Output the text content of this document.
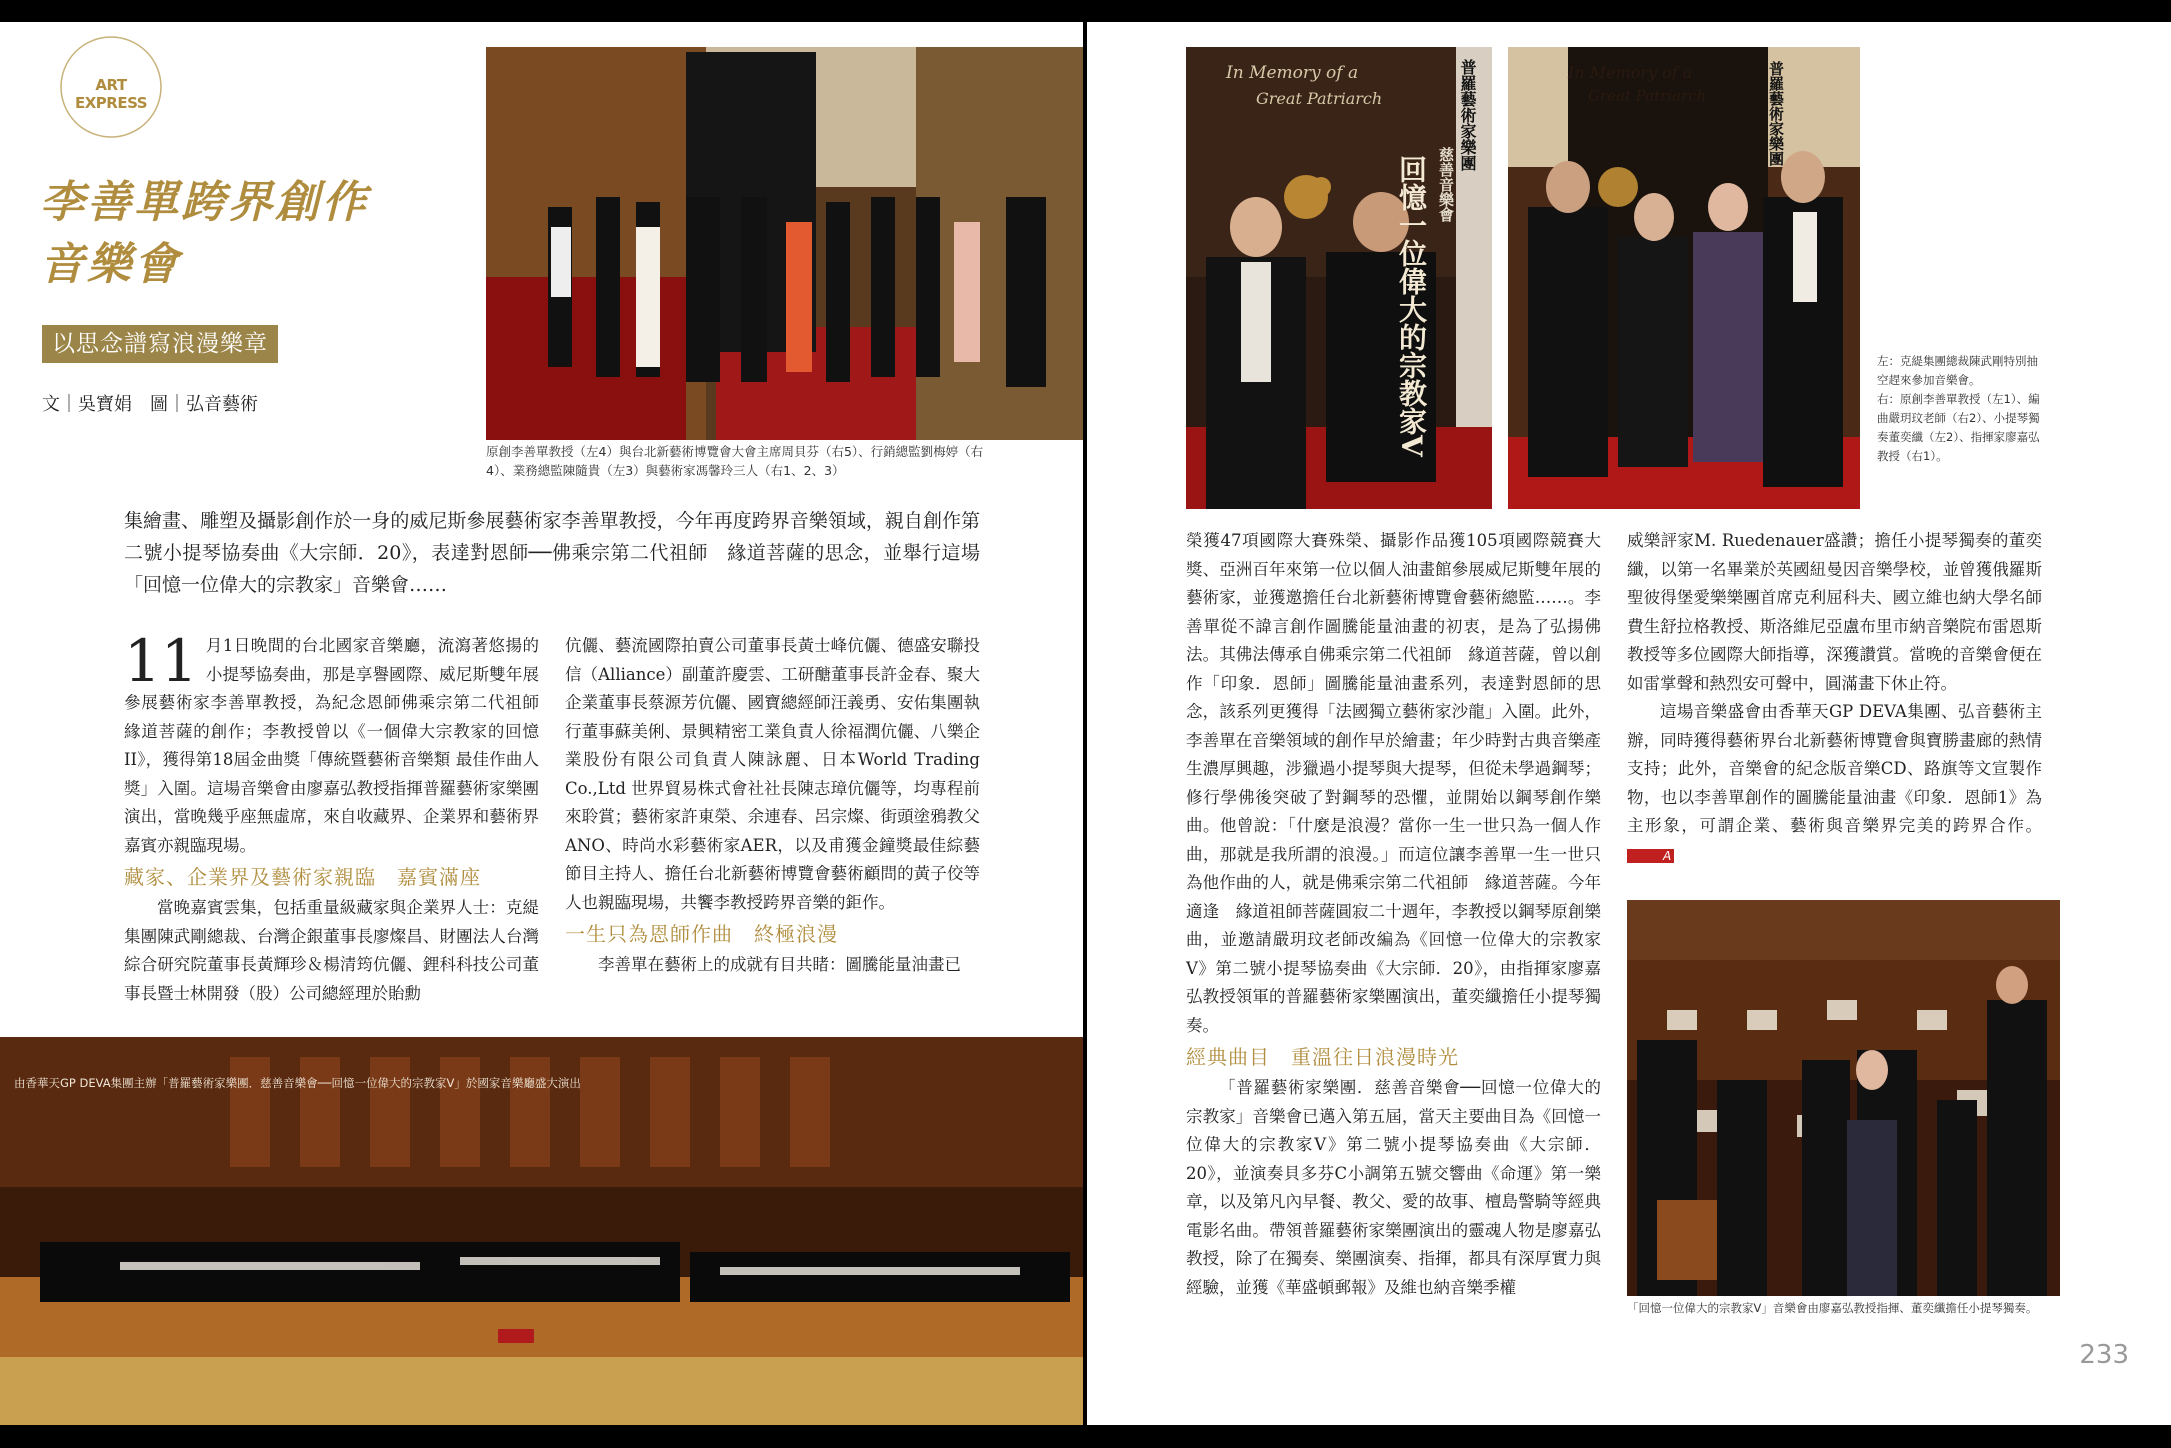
ART EXPRESS
李善單跨界創作
音樂會
以思念譜寫浪漫樂章
文｜吳寶娟　圖｜弘音藝術
原創李善單教授（左4）與台北新藝術博覽會大會主席周貝芬（右5）、行銷總監劉梅婷（右4）、業務總監陳隨貴（左3）與藝術家馮馨玲三人（右1、2、3）
集繪畫、雕塑及攝影創作於一身的威尼斯參展藝術家李善單教授，今年再度跨界音樂領域，親自創作第二號小提琴協奏曲《大宗師．20》，表達對恩師──佛乘宗第二代祖師　緣道菩薩的思念，並舉行這場「回憶一位偉大的宗教家」音樂會……

11 月1日晚間的台北國家音樂廳，流瀉著悠揚的小提琴協奏曲，那是享譽國際、威尼斯雙年展參展藝術家李善單教授，為紀念恩師佛乘宗第二代祖師　緣道菩薩的創作；李教授曾以《一個偉大宗教家的回憶II》，獲得第18屆金曲獎「傳統暨藝術音樂類 最佳作曲人獎」入圍。這場音樂會由廖嘉弘教授指揮普羅藝術家樂團演出，當晚幾乎座無虛席，來自收藏界、企業界和藝術界嘉賓亦親臨現場。

藏家、企業界及藝術家親臨　嘉賓滿座

當晚嘉賓雲集，包括重量級藏家與企業界人士：克緹集團陳武剛總裁、台灣企銀董事長廖燦昌、財團法人台灣綜合研究院董事長黃輝珍＆楊清筠伉儷、鋰科科技公司董事長暨士林開發（股）公司總經理於貽勳

伉儷、藝流國際拍賣公司董事長黃士峰伉儷、德盛安聯投信（Alliance）副董許慶雲、工研醣董事長許金春、聚大企業董事長蔡源芳伉儷、國寶總經師汪義勇、安佑集團執行董事蘇美俐、景興精密工業負責人徐福潤伉儷、八樂企業股份有限公司負責人陳詠麗、日本World Trading Co.,Ltd 世界貿易株式會社社長陳志璋伉儷等，均專程前來聆賞；藝術家許東榮、余連春、呂宗燦、街頭塗鴉教父ANO、時尚水彩藝術家AER，以及甫獲金鐘獎最佳綜藝節目主持人、擔任台北新藝術博覽會藝術顧問的黃子佼等人也親臨現場，共饗李教授跨界音樂的鉅作。

一生只為恩師作曲　終極浪漫

李善單在藝術上的成就有目共睹：圖騰能量油畫已

由香華天GP DEVA集團主辦「普羅藝術家樂團．慈善音樂會──回憶一位偉大的宗教家V」於國家音樂廳盛大演出
In Memory of a
Great Patriarch	普羅藝術家樂團
慈善音樂會
回憶一位偉大的宗教家V
In Memory of a
Great Patriarch	普羅藝術家樂團
左：克緹集團總裁陳武剛特別抽空趕來參加音樂會。
右：原創李善單教授（左1）、編曲嚴玥玟老師（右2）、小提琴獨奏董奕纖（左2）、指揮家廖嘉弘教授（右1）。

榮獲47項國際大賽殊榮、攝影作品獲105項國際競賽大獎、亞洲百年來第一位以個人油畫館參展威尼斯雙年展的藝術家，並獲邀擔任台北新藝術博覽會藝術總監……。李善單從不諱言創作圖騰能量油畫的初衷，是為了弘揚佛法。其佛法傳承自佛乘宗第二代祖師　緣道菩薩，曾以創作「印象．恩師」圖騰能量油畫系列，表達對恩師的思念，該系列更獲得「法國獨立藝術家沙龍」入圍。此外，李善單在音樂領域的創作早於繪畫；年少時對古典音樂產生濃厚興趣，涉獵過小提琴與大提琴，但從未學過鋼琴；修行學佛後突破了對鋼琴的恐懼，並開始以鋼琴創作樂曲。他曾說：「什麼是浪漫？當你一生一世只為一個人作曲，那就是我所謂的浪漫。」而這位讓李善單一生一世只為他作曲的人，就是佛乘宗第二代祖師　緣道菩薩。今年適逢　緣道祖師菩薩圓寂二十週年，李教授以鋼琴原創樂曲，並邀請嚴玥玟老師改編為《回憶一位偉大的宗教家V》第二號小提琴協奏曲《大宗師．20》，由指揮家廖嘉弘教授領軍的普羅藝術家樂團演出，董奕纖擔任小提琴獨奏。

經典曲目　重溫往日浪漫時光

「普羅藝術家樂團．慈善音樂會──回憶一位偉大的宗教家」音樂會已邁入第五屆，當天主要曲目為《回憶一位偉大的宗教家V》第二號小提琴協奏曲《大宗師．20》，並演奏貝多芬C小調第五號交響曲《命運》第一樂章，以及第凡內早餐、教父、愛的故事、檀島警騎等經典電影名曲。帶領普羅藝術家樂團演出的靈魂人物是廖嘉弘教授，除了在獨奏、樂團演奏、指揮，都具有深厚實力與經驗，並獲《華盛頓郵報》及維也納音樂季權

威樂評家M. Ruedenauer盛讚；擔任小提琴獨奏的董奕纖，以第一名畢業於英國紐曼因音樂學校，並曾獲俄羅斯聖彼得堡愛樂樂團首席克利屈科夫、國立維也納大學名師費生舒拉格教授、斯洛維尼亞盧布里市納音樂院布雷恩斯教授等多位國際大師指導，深獲讚賞。當晚的音樂會便在如雷掌聲和熱烈安可聲中，圓滿畫下休止符。

這場音樂盛會由香華天GP DEVA集團、弘音藝術主辦，同時獲得藝術界台北新藝術博覽會與寶勝畫廊的熱情支持；此外，音樂會的紀念版音樂CD、路旗等文宣製作物，也以李善單創作的圖騰能量油畫《印象．恩師1》為主形象，可謂企業、藝術與音樂界完美的跨界合作。 A

「回憶一位偉大的宗教家V」音樂會由廖嘉弘教授指揮、董奕纖擔任小提琴獨奏。
233
